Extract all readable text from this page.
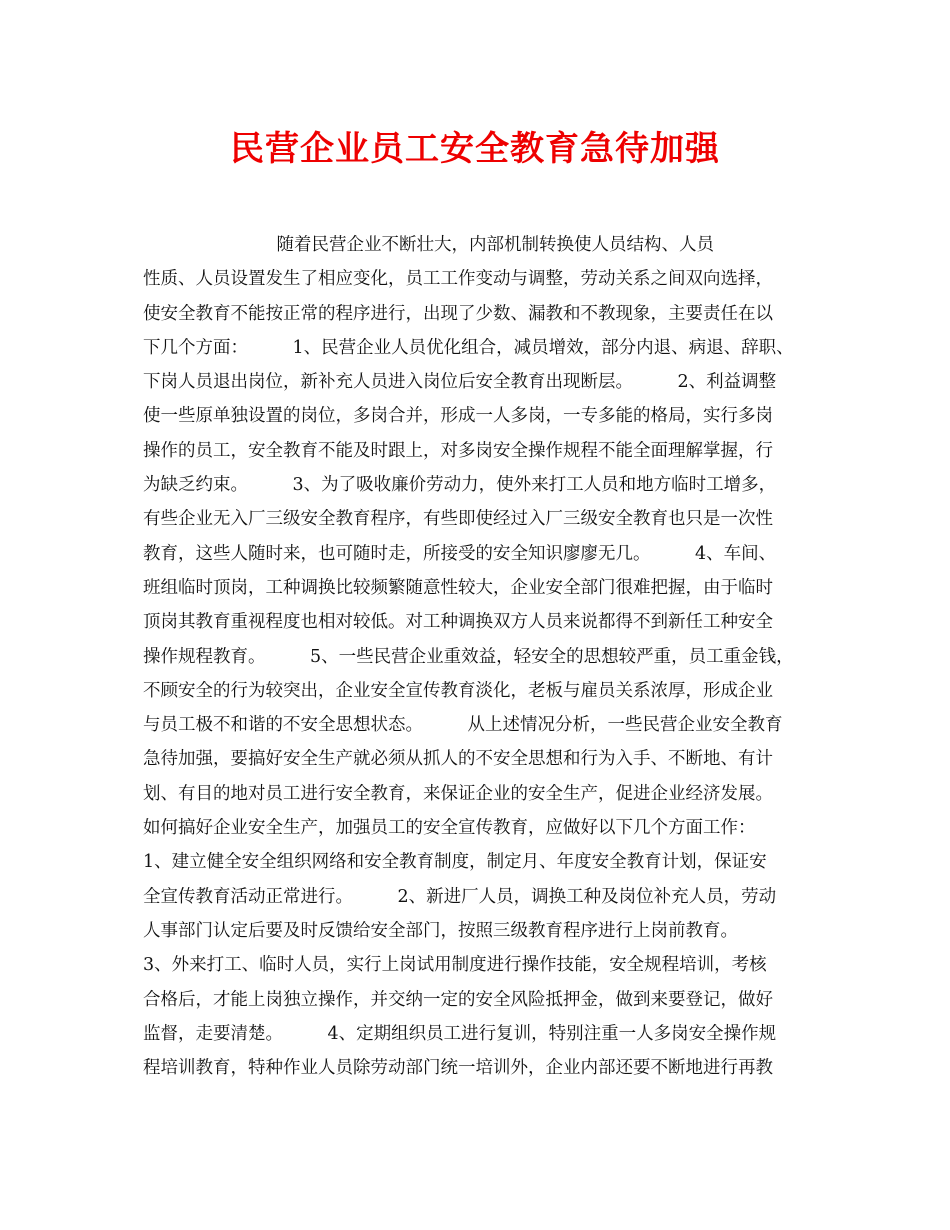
民营企业员工安全教育急待加强
随着民营企业不断壮大，内部机制转换使人员结构、人员
性质、人员设置发生了相应变化，员工工作变动与调整，劳动关系之间双向选择，
使安全教育不能按正常的程序进行，出现了少数、漏教和不教现象，主要责任在以
下几个方面：        1、民营企业人员优化组合，减员增效，部分内退、病退、辞职、
下岗人员退出岗位，新补充人员进入岗位后安全教育出现断层。        2、利益调整
使一些原单独设置的岗位，多岗合并，形成一人多岗，一专多能的格局，实行多岗
操作的员工，安全教育不能及时跟上，对多岗安全操作规程不能全面理解掌握，行
为缺乏约束。        3、为了吸收廉价劳动力，使外来打工人员和地方临时工增多，
有些企业无入厂三级安全教育程序，有些即使经过入厂三级安全教育也只是一次性
教育，这些人随时来，也可随时走，所接受的安全知识廖廖无几。        4、车间、
班组临时顶岗，工种调换比较频繁随意性较大，企业安全部门很难把握，由于临时
顶岗其教育重视程度也相对较低。对工种调换双方人员来说都得不到新任工种安全
操作规程教育。        5、一些民营企业重效益，轻安全的思想较严重，员工重金钱，
不顾安全的行为较突出，企业安全宣传教育淡化，老板与雇员关系浓厚，形成企业
与员工极不和谐的不安全思想状态。        从上述情况分析，一些民营企业安全教育
急待加强，要搞好安全生产就必须从抓人的不安全思想和行为入手、不断地、有计
划、有目的地对员工进行安全教育，来保证企业的安全生产，促进企业经济发展。
如何搞好企业安全生产，加强员工的安全宣传教育，应做好以下几个方面工作：
1、建立健全安全组织网络和安全教育制度，制定月、年度安全教育计划，保证安
全宣传教育活动正常进行。        2、新进厂人员，调换工种及岗位补充人员，劳动
人事部门认定后要及时反馈给安全部门，按照三级教育程序进行上岗前教育。
3、外来打工、临时人员，实行上岗试用制度进行操作技能，安全规程培训，考核
合格后，才能上岗独立操作，并交纳一定的安全风险抵押金，做到来要登记，做好
监督，走要清楚。        4、定期组织员工进行复训，特别注重一人多岗安全操作规
程培训教育，特种作业人员除劳动部门统一培训外，企业内部还要不断地进行再教
